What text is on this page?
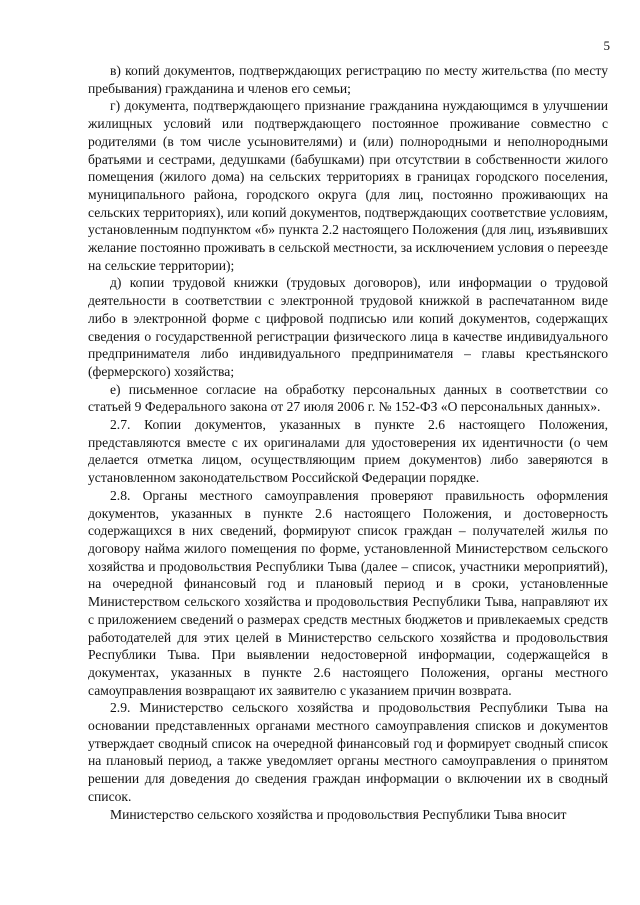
5

в) копий документов, подтверждающих регистрацию по месту жительства (по месту пребывания) гражданина и членов его семьи;

г) документа, подтверждающего признание гражданина нуждающимся в улучшении жилищных условий или подтверждающего постоянное проживание совместно с родителями (в том числе усыновителями) и (или) полнородными и неполнородными братьями и сестрами, дедушками (бабушками) при отсутствии в собственности жилого помещения (жилого дома) на сельских территориях в границах городского поселения, муниципального района, городского округа (для лиц, постоянно проживающих на сельских территориях), или копий документов, подтверждающих соответствие условиям, установленным подпунктом «б» пункта 2.2 настоящего Положения (для лиц, изъявивших желание постоянно проживать в сельской местности, за исключением условия о переезде на сельские территории);

д) копии трудовой книжки (трудовых договоров), или информации о трудовой деятельности в соответствии с электронной трудовой книжкой в распечатанном виде либо в электронной форме с цифровой подписью или копий документов, содержащих сведения о государственной регистрации физического лица в качестве индивидуального предпринимателя либо индивидуального предпринимателя – главы крестьянского (фермерского) хозяйства;

е) письменное согласие на обработку персональных данных в соответствии со статьей 9 Федерального закона от 27 июля 2006 г. № 152-ФЗ «О персональных данных».

2.7. Копии документов, указанных в пункте 2.6 настоящего Положения, представляются вместе с их оригиналами для удостоверения их идентичности (о чем делается отметка лицом, осуществляющим прием документов) либо заверяются в установленном законодательством Российской Федерации порядке.

2.8. Органы местного самоуправления проверяют правильность оформления документов, указанных в пункте 2.6 настоящего Положения, и достоверность содержащихся в них сведений, формируют список граждан – получателей жилья по договору найма жилого помещения по форме, установленной Министерством сельского хозяйства и продовольствия Республики Тыва (далее – список, участники мероприятий), на очередной финансовый год и плановый период и в сроки, установленные Министерством сельского хозяйства и продовольствия Республики Тыва, направляют их с приложением сведений о размерах средств местных бюджетов и привлекаемых средств работодателей для этих целей в Министерство сельского хозяйства и продовольствия Республики Тыва. При выявлении недостоверной информации, содержащейся в документах, указанных в пункте 2.6 настоящего Положения, органы местного самоуправления возвращают их заявителю с указанием причин возврата.

2.9. Министерство сельского хозяйства и продовольствия Республики Тыва на основании представленных органами местного самоуправления списков и документов утверждает сводный список на очередной финансовый год и формирует сводный список на плановый период, а также уведомляет органы местного самоуправления о принятом решении для доведения до сведения граждан информации о включении их в сводный список.

Министерство сельского хозяйства и продовольствия Республики Тыва вносит
